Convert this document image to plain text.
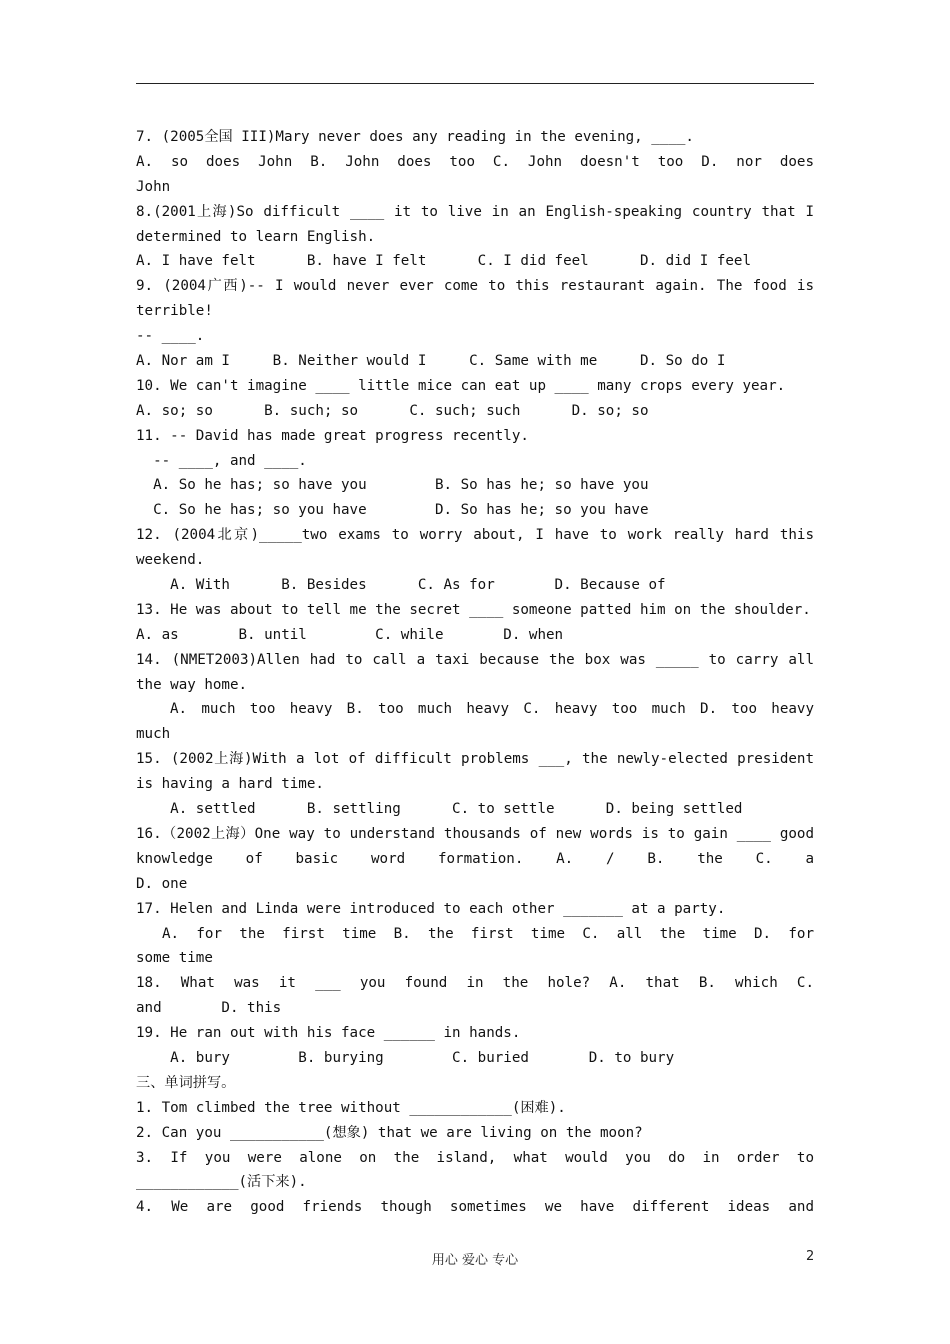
7. (2005全国 III)Mary never does any reading in the evening, ____.
A. so does John B. John does too C. John doesn't too D. nor does
John
8.(2001上海)So difficult ____ it to live in an English-speaking country that I
determined to learn English.
A. I have felt      B. have I felt      C. I did feel      D. did I feel
9. (2004广西)-- I would never ever come to this restaurant again. The food is
terrible!
-- ____.
A. Nor am I     B. Neither would I     C. Same with me     D. So do I
10. We can't imagine ____ little mice can eat up ____ many crops every year.
A. so; so      B. such; so      C. such; such      D. so; so
11. -- David has made great progress recently.
-- ____, and ____.
A. So he has; so have you        B. So has he; so have you
C. So he has; so you have        D. So has he; so you have
12. (2004北京)_____two exams to worry about, I have to work really hard this
weekend.
A. With      B. Besides      C. As for       D. Because of
13. He was about to tell me the secret ____ someone patted him on the shoulder.
A. as       B. until        C. while       D. when
14. (NMET2003)Allen had to call a taxi because the box was _____ to carry all
the way home.
A. much too heavy B. too much heavy C. heavy too much D. too heavy
much
15. (2002上海)With a lot of difficult problems ___, the newly-elected president
is having a hard time.
A. settled      B. settling      C. to settle      D. being settled
16.（2002上海）One way to understand thousands of new words is to gain ____ good
knowledge of basic word formation. A. / B. the C. a
D. one
17. Helen and Linda were introduced to each other _______ at a party.
A. for the first time B. the first time C. all the time D. for
some time
18. What was it ___ you found in the hole? A. that B. which C.
and       D. this
19. He ran out with his face ______ in hands.
A. bury        B. burying        C. buried       D. to bury
三、单词拼写。
1. Tom climbed the tree without ____________(困难).
2. Can you ___________(想象) that we are living on the moon?
3. If you were alone on the island, what would you do in order to
____________(活下来).
4. We are good friends though sometimes we have different ideas and
用心 爱心 专心	2
